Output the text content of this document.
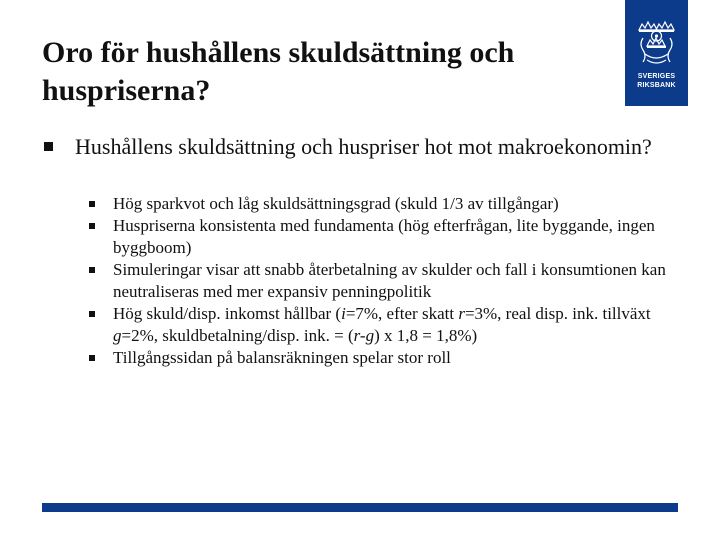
Oro för hushållens skuldsättning och huspriserna?	SVERIGES
RIKSBANK
Hushållens skuldsättning och huspriser hot mot makroekonomin?
Hög sparkvot och låg skuldsättningsgrad (skuld 1/3 av tillgångar)
Huspriserna konsistenta med fundamenta (hög efterfrågan, lite byggande, ingen byggboom)
Simuleringar visar att snabb återbetalning av skulder och fall i konsumtionen kan neutraliseras med mer expansiv penningpolitik
Hög skuld/disp. inkomst hållbar (i=7%, efter skatt r=3%, real disp. ink. tillväxt g=2%, skuldbetalning/disp. ink. = (r-g) x 1,8 = 1,8%)
Tillgångssidan på balansräkningen spelar stor roll
